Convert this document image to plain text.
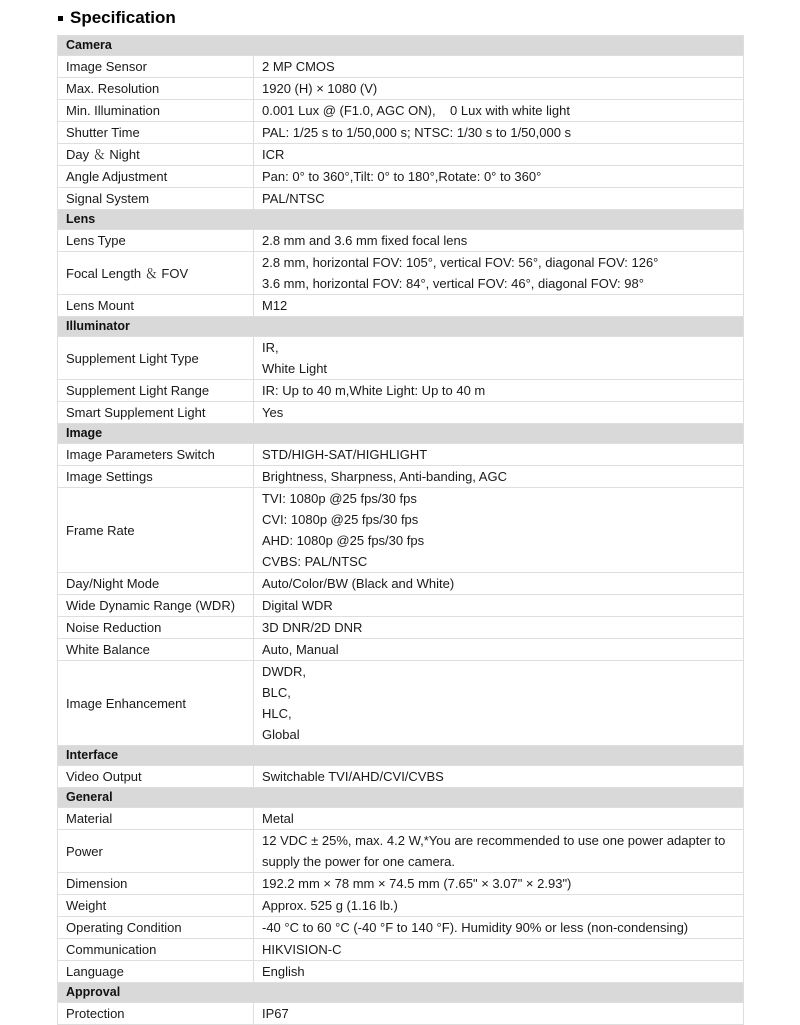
Specification
Camera	
Image Sensor	2 MP CMOS

Max. Resolution	1920 (H) × 1080 (V)

Min. Illumination	0.001 Lux @ (F1.0, AGC ON),    0 Lux with white light

Shutter Time	PAL: 1/25 s to 1/50,000 s; NTSC: 1/30 s to 1/50,000 s

Day ＆ Night	ICR

Angle Adjustment	Pan: 0° to 360°,Tilt: 0° to 180°,Rotate: 0° to 360°

Signal System	PAL/NTSC

Lens	
Lens Type	2.8 mm and 3.6 mm fixed focal lens

Focal Length ＆ FOV	2.8 mm, horizontal FOV: 105°, vertical FOV: 56°, diagonal FOV: 126°
3.6 mm, horizontal FOV: 84°, vertical FOV: 46°, diagonal FOV: 98°

Lens Mount	M12

Illuminator	
Supplement Light Type	IR,
White Light

Supplement Light Range	IR: Up to 40 m,White Light: Up to 40 m

Smart Supplement Light	Yes

Image	
Image Parameters Switch	STD/HIGH-SAT/HIGHLIGHT

Image Settings	Brightness, Sharpness, Anti-banding, AGC

Frame Rate	TVI: 1080p @25 fps/30 fps
CVI: 1080p @25 fps/30 fps
AHD: 1080p @25 fps/30 fps
CVBS: PAL/NTSC

Day/Night Mode	Auto/Color/BW (Black and White)

Wide Dynamic Range (WDR)	Digital WDR

Noise Reduction	3D DNR/2D DNR

White Balance	Auto, Manual

Image Enhancement	DWDR,
BLC,
HLC,
Global

Interface	
Video Output	Switchable TVI/AHD/CVI/CVBS

General	
Material	Metal

Power	12 VDC ± 25%, max. 4.2 W,*You are recommended to use one power adapter to
supply the power for one camera.

Dimension	192.2 mm × 78 mm × 74.5 mm (7.65" × 3.07" × 2.93")

Weight	Approx. 525 g (1.16 lb.)

Operating Condition	-40 °C to 60 °C (-40 °F to 140 °F). Humidity 90% or less (non-condensing)

Communication	HIKVISION-C

Language	English

Approval	
Protection	IP67
